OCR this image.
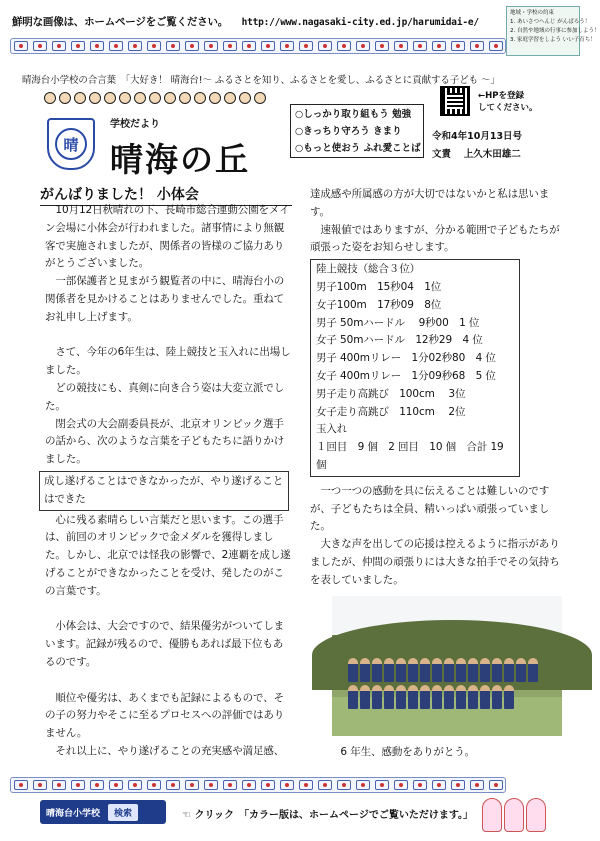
鮮明な画像は、ホームページをご覧ください。 http://www.nagasaki-city.ed.jp/harumidai-e/
地域・学校の約束
1. あいさつへんじ がんばろう！
2. 自然や地域の行事に参加しよう！
3. 家庭学習をしよう いい子育ち！
晴海台小学校の合言葉　「大好き！ 晴海台!～ ふるさとを知り、ふるさとを愛し、ふるさとに貢献する子ども ～」
晴
学校だより
晴海の丘
○しっかり取り組もう 勉強
○きっちり守ろう きまり
○もっと使おう ふれ愛ことば
←HPを登録
してください。
令和4年10月13日号
文責　 上久木田雄二
がんばりました！ 小体会

　10月12日秋晴れの下、長崎市総合運動公園をメイン会場に小体会が行われました。諸事情により無観客で実施されましたが、関係者の皆様のご協力ありがとうございました。

　一部保護者と見まがう観覧者の中に、晴海台小の関係者を見かけることはありませんでした。重ねてお礼申し上げます。

　さて、今年の6年生は、陸上競技と玉入れに出場しました。

　どの競技にも、真剣に向き合う姿は大変立派でした。

　閉会式の大会副委員長が、北京オリンピック選手の話から、次のような言葉を子どもたちに語りかけました。

成し遂げることはできなかったが、やり遂げることはできた

　心に残る素晴らしい言葉だと思います。この選手は、前回のオリンピックで金メダルを獲得しました。しかし、北京では怪我の影響で、2連覇を成し遂げることができなかったことを受け、発したのがこの言葉です。

　小体会は、大会ですので、結果優劣がついてしまいます。記録が残るので、優勝もあれば最下位もあるのです。

　順位や優劣は、あくまでも記録によるもので、その子の努力やそこに至るプロセスへの評価ではありません。

　それ以上に、やり遂げることの充実感や満足感、

達成感や所属感の方が大切ではないかと私は思います。

　速報値ではありますが、分かる範囲で子どもたちが頑張った姿をお知らせします。

陸上競技（総合３位）
男子100m　15秒04　1位
女子100m　17秒09　8位
男子 50mハードル　 9秒00　1 位
女子 50mハードル　12秒29　4 位
男子 400mリレー　1分02秒80　4 位
女子 400mリレー　1分09秒68　5 位
男子走り高跳び　100cm　 3位
女子走り高跳び　110cm　 2位
玉入れ
１回目　9 個　2 回目　10 個　合計 19 個

　一つ一つの感動を具に伝えることは難しいのですが、子どもたちは全員、精いっぱい頑張っていました。

　大きな声を出しての応援は控えるように指示がありましたが、仲間の頑張りには大きな拍手でその気持ちを表していました。

　6 年生、感動をありがとう。

晴海台小学校	検索	☜ クリック　「カラー版は、ホームページでご覧いただけます。」
